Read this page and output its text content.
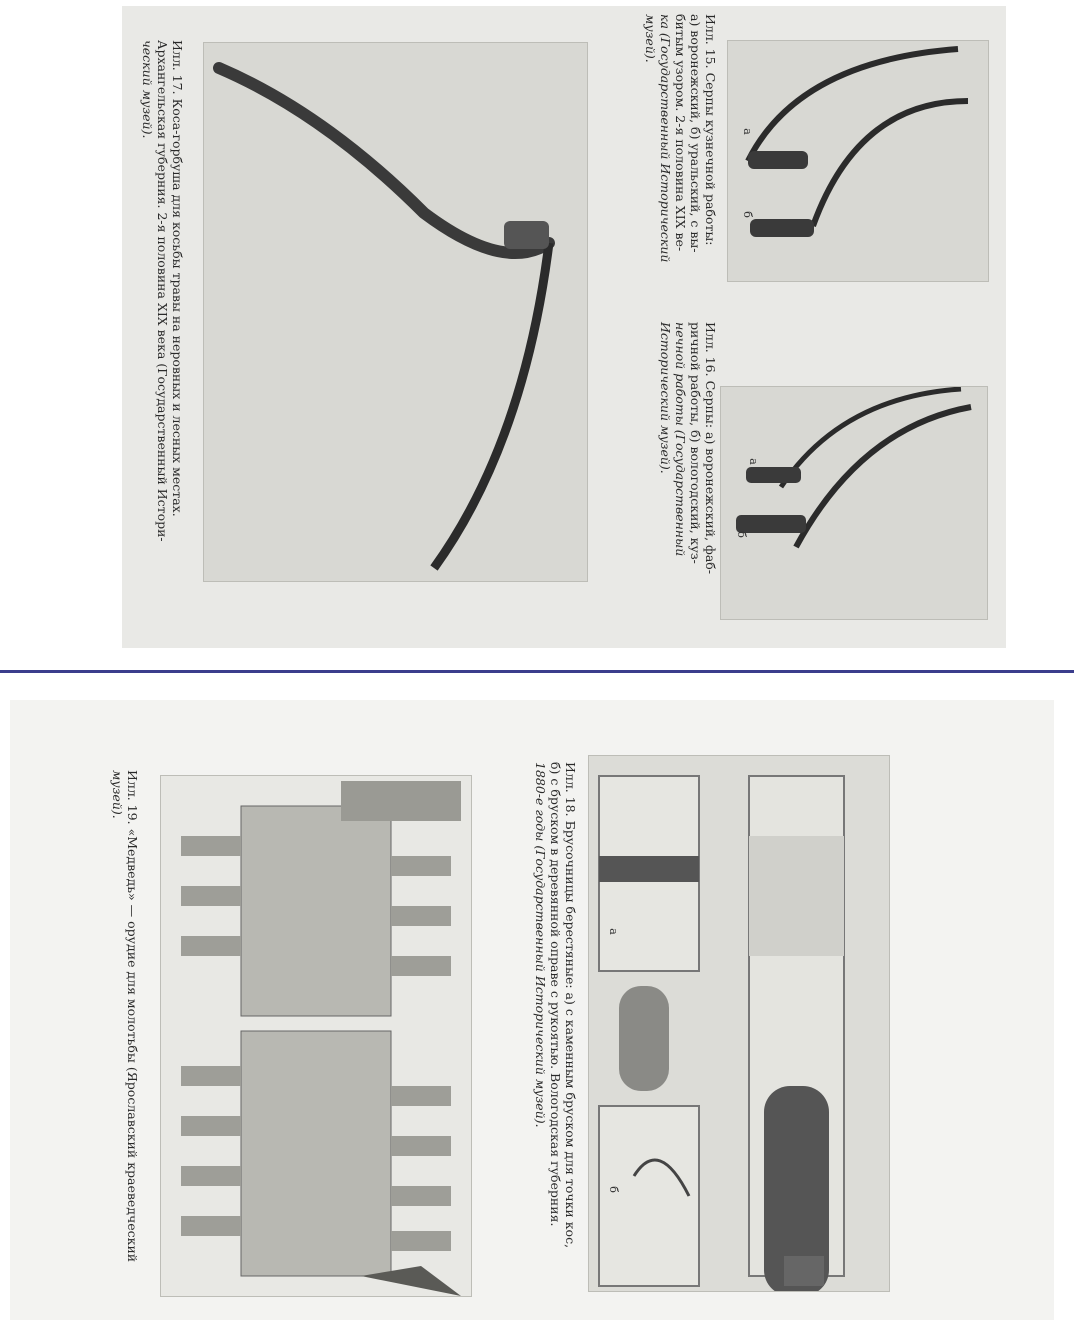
а
б
а
б
Илл. 15. Серпы кузнечной работы:
а) воронежский, б) уральский, с вы-
битым узором. 2-я половина XIX ве-
ка (Государственный Исторический
музей).
Илл. 16. Серпы: а) воронежский, фаб-
ричной работы, б) вологодский, куз-
нечной работы (Государственный
Исторический музей).
Илл. 17. Коса-горбуша для косьбы травы на неровных и лесных местах.
Архангельская губерния. 2-я половина XIX века (Государственный Истори-
ческий музей).
а
б
Илл. 18. Брусочницы берестяные: а) с каменным бруском для точки кос,
б) с бруском в деревянной оправе с рукоятью. Вологодская губерния.
1880-е годы (Государственный Исторический музей).
Илл. 19. «Медведь» — орудие для молотьбы (Ярославский краеведческий
музей).
